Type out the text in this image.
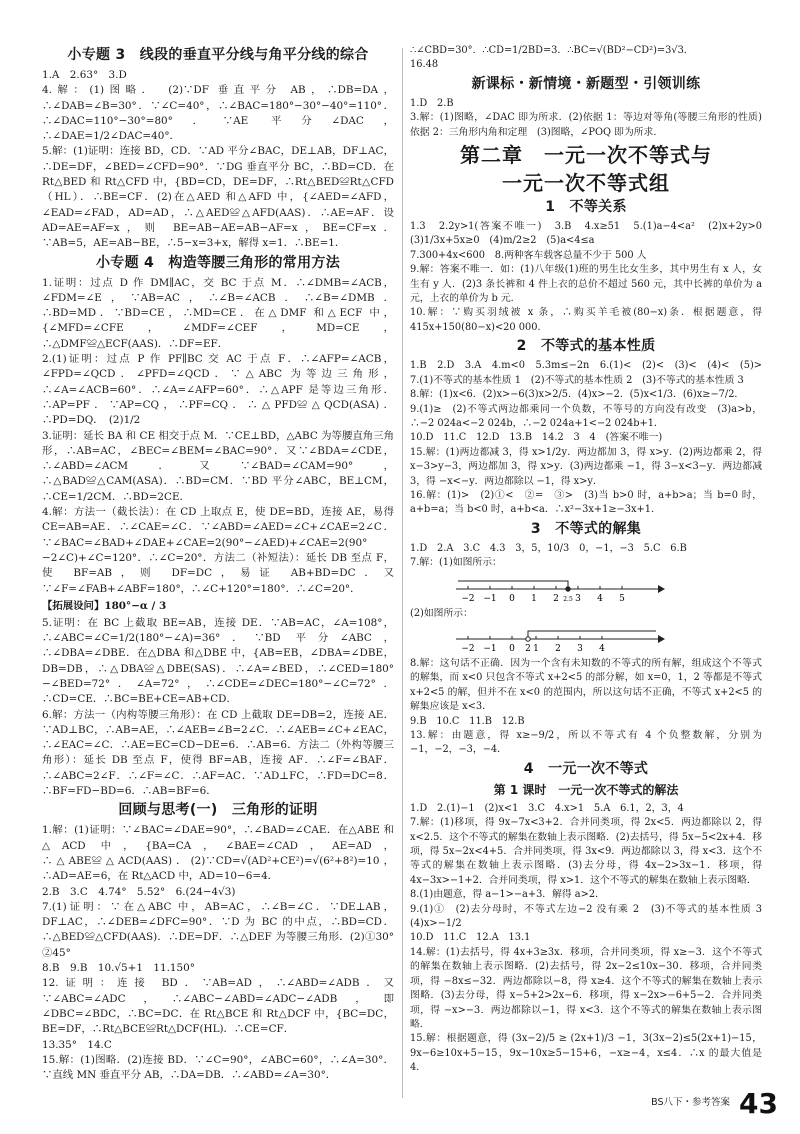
小专题 3　线段的垂直平分线与角平分线的综合

1.A　2.63°　3.D

4.解：(1)图略．　(2)∵DF 垂直平分 AB，∴DB=DA，∴∠DAB=∠B=30°．∵∠C=40°，∴∠BAC=180°−30°−40°=110°．∴∠DAC=110°−30°=80°．∵AE 平分∠DAC，∴∠DAE=1/2∠DAC=40°．

5.解：(1)证明：连接 BD，CD．∵AD 平分∠BAC，DE⊥AB，DF⊥AC，∴DE=DF，∠BED=∠CFD=90°．∵DG 垂直平分 BC，∴BD=CD．在 Rt△BED 和 Rt△CFD 中，{BD=CD，DE=DF，∴Rt△BED≌Rt△CFD（HL）．∴BE=CF．(2)在△AED 和△AFD 中，{∠AED=∠AFD，∠EAD=∠FAD，AD=AD，∴△AED≌△AFD(AAS)．∴AE=AF．设 AD=AE=AF=x，则 BE=AB−AE=AB−AF=x，BE=CF=x．∵AB=5，AE=AB−BE，∴5−x=3+x，解得 x=1．∴BE=1．

小专题 4　构造等腰三角形的常用方法

1.证明：过点 D 作 DM∥AC，交 BC 于点 M．∴∠DMB=∠ACB，∠FDM=∠E，∵AB=AC，∴∠B=∠ACB．∴∠B=∠DMB．∴BD=MD．∵BD=CE，∴MD=CE．在△DMF 和△ECF 中，{∠MFD=∠CFE，∠MDF=∠CEF，MD=CE，∴△DMF≌△ECF(AAS)．∴DF=EF．

2.(1)证明：过点 P 作 PF∥BC 交 AC 于点 F．∴∠AFP=∠ACB，∠FPD=∠QCD．∠PFD=∠QCD．∵△ABC 为等边三角形，∴∠A=∠ACB=60°．∴∠A=∠AFP=60°．∴△APF 是等边三角形．∴AP=PF．∵AP=CQ，∴PF=CQ．∴△PFD≌△QCD(ASA)．∴PD=DQ．　(2)1/2

3.证明：延长 BA 和 CE 相交于点 M．∵CE⊥BD，△ABC 为等腰直角三角形，∴AB=AC，∠BEC=∠BEM=∠BAC=90°．又∵∠BDA=∠CDE，∴∠ABD=∠ACM．又∵∠BAD=∠CAM=90°，∴△BAD≌△CAM(ASA)．∴BD=CM．∵BD 平分∠ABC，BE⊥CM，∴CE=1/2CM．∴BD=2CE．

4.解：方法一（截长法）：在 CD 上取点 E，使 DE=BD，连接 AE，易得 CE=AB=AE．∴∠CAE=∠C．∵∠ABD=∠AED=∠C+∠CAE=2∠C．∵∠BAC=∠BAD+∠DAE+∠CAE=2(90°−∠AED)+∠CAE=2(90°−2∠C)+∠C=120°．∴∠C=20°．方法二（补短法）：延长 DB 至点 F，使 BF=AB，则 DF=DC，易证 AB+BD=DC．又∵∠F=∠FAB+∠ABF=180°，∴∠C+120°=180°．∴∠C=20°．

【拓展设问】180°−α / 3

5.证明：在 BC 上截取 BE=AB，连接 DE．∵AB=AC，∠A=108°，∴∠ABC=∠C=1/2(180°−∠A)=36°．∵BD 平分∠ABC，∴∠DBA=∠DBE．在△DBA 和△DBE 中，{AB=EB，∠DBA=∠DBE，DB=DB，∴△DBA≌△DBE(SAS)．∴∠A=∠BED，∴∠CED=180°−∠BED=72°．∠A=72°，∴∠CDE=∠DEC=180°−∠C=72°．∴CD=CE．∴BC=BE+CE=AB+CD．

6.解：方法一（内构等腰三角形）：在 CD 上截取 DE=DB=2，连接 AE．∵AD⊥BC，∴AB=AE，∴∠AEB=∠B=2∠C．∴∠AEB=∠C+∠EAC，∴∠EAC=∠C．∴AE=EC=CD−DE=6．∴AB=6．方法二（外构等腰三角形）：延长 DB 至点 F，使得 BF=AB，连接 AF．∴∠F=∠BAF．∴∠ABC=2∠F．∴∠F=∠C．∴AF=AC．∵AD⊥FC，∴FD=DC=8．∴BF=FD−BD=6．∴AB=BF=6．

回顾与思考(一)　三角形的证明

1.解：(1)证明：∵∠BAC=∠DAE=90°，∴∠BAD=∠CAE．在△ABE 和△ACD 中，{BA=CA，∠BAE=∠CAD，AE=AD，∴△ABE≌△ACD(AAS)．(2)∵CD=√(AD²+CE²)=√(6²+8²)=10，∴AD=AE=6，在 Rt△ACD 中，AD=10−6=4．

2.B　3.C　4.74°　5.52°　6.(24−4√3)

7.(1)证明：∵在△ABC 中，AB=AC，∴∠B=∠C．∵DE⊥AB，DF⊥AC，∴∠DEB=∠DFC=90°．∵D 为 BC 的中点，∴BD=CD．∴△BED≌△CFD(AAS)．∴DE=DF．∴△DEF 为等腰三角形．(2)①30°　②45°

8.B　9.B　10.√5+1　11.150°

12.证明：连接 BD．∵AB=AD，∴∠ABD=∠ADB．又∵∠ABC=∠ADC，∴∠ABC−∠ABD=∠ADC−∠ADB，即∠DBC=∠BDC，∴BC=DC．在 Rt△BCE 和 Rt△DCF 中，{BC=DC，BE=DF，∴Rt△BCE≌Rt△DCF(HL)．∴CE=CF．

13.35°　14.C

15.解：(1)图略．(2)连接 BD．∵∠C=90°，∠ABC=60°，∴∠A=30°．∵直线 MN 垂直平分 AB，∴DA=DB．∴∠ABD=∠A=30°．

∴∠CBD=30°．∴CD=1/2BD=3．∴BC=√(BD²−CD²)=3√3．

16.48

新课标・新情境・新题型・引领训练

1.D　2.B

3.解：(1)图略，∠DAC 即为所求．(2)依据 1：等边对等角(等腰三角形的性质)　依据 2：三角形内角和定理　(3)图略，∠POQ 即为所求．

第二章　一元一次不等式与
一元一次不等式组
1　不等关系

1.3　2.2y>1(答案不唯一)　3.B　4.x≥51　5.(1)a−4<a²　(2)x+2y>0　(3)1/3x+5x≥0　(4)m/2≥2　(5)a<4≤a

7.300+4x<600　8.两种客车载客总量不少于 500 人

9.解：答案不唯一．如：(1)八年级(1)班的男生比女生多，其中男生有 x 人，女生有 y 人．(2)3 条长裤和 4 件上衣的总价不超过 560 元，其中长裤的单价为 a 元，上衣的单价为 b 元．

10.解：∵购买羽绒被 x 条，∴购买羊毛被(80−x)条．根据题意，得 415x+150(80−x)<20 000．

2　不等式的基本性质

1.B　2.D　3.A　4.m<0　5.3m≤−2n　6.(1)<　(2)<　(3)<　(4)<　(5)>　7.(1)不等式的基本性质 1　(2)不等式的基本性质 2　(3)不等式的基本性质 3

8.解：(1)x<6．(2)x>−6(3)x>2/5．(4)x>−2．(5)x<1/3．(6)x≥−7/2．

9.(1)≥　(2)不等式两边都乘同一个负数，不等号的方向没有改变　(3)a>b，∴−2 024a<−2 024b，∴−2 024a+1<−2 024b+1．

10.D　11.C　12.D　13.B　14.2　3　4　(答案不唯一)

15.解：(1)两边都减 3，得 x>1/2y．两边都加 3，得 x>y．(2)两边都乘 2，得 x−3>y−3，两边都加 3，得 x>y．(3)两边都乘 −1，得 3−x<3−y．两边都减 3，得 −x<−y．两边都除以 −1，得 x>y．

16.解：(1)>　(2)①<　②=　③>　(3)当 b>0 时，a+b>a；当 b=0 时，a+b=a；当 b<0 时，a+b<a．∴x²−3x+1≥−3x+1．

3　不等式的解集

1.D　2.A　3.C　4.3　3，5，10/3　0，−1，−3　5.C　6.B

7.解：(1)如图所示：

−2 −1 0 1 2 2.5 3 4 5

(2)如图所示：

−2 −1 0 2 1 2 3 4

8.解：这句话不正确．因为一个含有未知数的不等式的所有解，组成这个不等式的解集，而 x<0 只包含不等式 x+2<5 的部分解，如 x=0，1，2 等都是不等式 x+2<5 的解，但并不在 x<0 的范围内，所以这句话不正确，不等式 x+2<5 的解集应该是 x<3．

9.B　10.C　11.B　12.B

13.解：由题意，得 x≥−9/2，所以不等式有 4 个负整数解，分别为 −1，−2，−3，−4．

4　一元一次不等式
第 1 课时　一元一次不等式的解法

1.D　2.(1)−1　(2)x<1　3.C　4.x>1　5.A　6.1，2，3，4

7.解：(1)移项，得 9x−7x<3+2．合并同类项，得 2x<5．两边都除以 2，得 x<2.5．这个不等式的解集在数轴上表示图略．(2)去括号，得 5x−5<2x+4．移项，得 5x−2x<4+5．合并同类项，得 3x<9．两边都除以 3，得 x<3．这个不等式的解集在数轴上表示图略．(3)去分母，得 4x−2>3x−1．移项，得 4x−3x>−1+2．合并同类项，得 x>1．这个不等式的解集在数轴上表示图略．

8.(1)由题意，得 a−1>−a+3．解得 a>2．

9.(1)①　(2)去分母时，不等式左边−2 没有乘 2　(3)不等式的基本性质 3　(4)x>−1/2

10.D　11.C　12.A　13.1

14.解：(1)去括号，得 4x+3≥3x．移项，合并同类项，得 x≥−3．这个不等式的解集在数轴上表示图略．(2)去括号，得 2x−2≤10x−30．移项，合并同类项，得 −8x≤−32．两边都除以−8，得 x≥4．这个不等式的解集在数轴上表示图略．(3)去分母，得 x−5+2>2x−6．移项，得 x−2x>−6+5−2．合并同类项，得 −x>−3．两边都除以−1，得 x<3．这个不等式的解集在数轴上表示图略．

15.解：根据题意，得 (3x−2)/5 ≥ (2x+1)/3 −1，3(3x−2)≤5(2x+1)−15，9x−6≥10x+5−15，9x−10x≥5−15+6，−x≥−4，x≤4．∴x 的最大值是 4．

BS八下・参考答案 43
